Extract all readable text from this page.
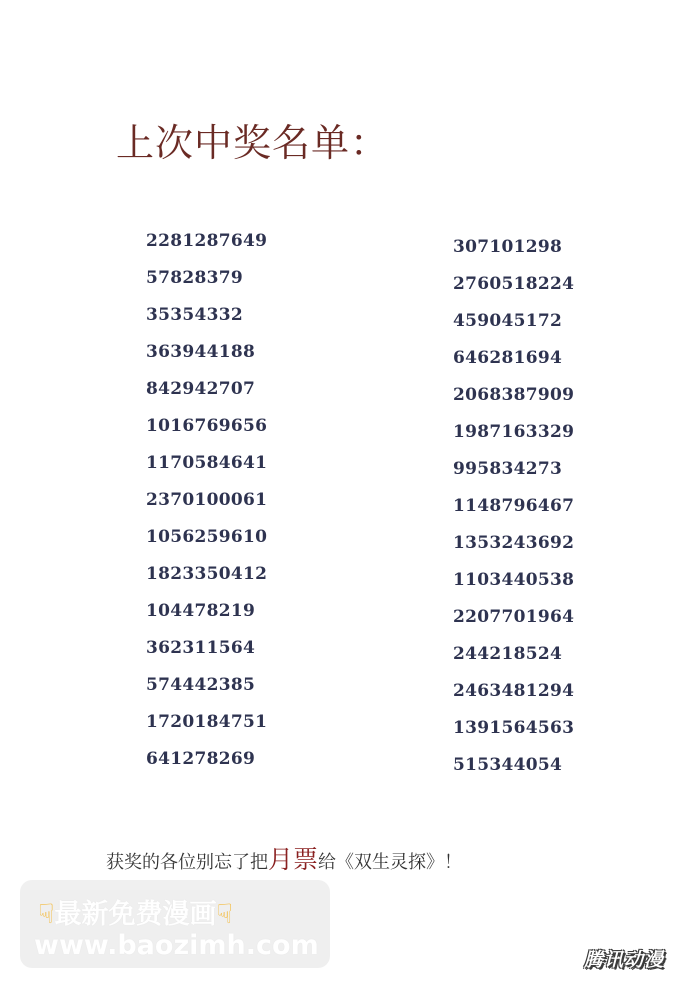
上次中奖名单：
2281287649
57828379
35354332
363944188
842942707
1016769656
1170584641
2370100061
1056259610
1823350412
104478219
362311564
574442385
1720184751
641278269
307101298
2760518224
459045172
646281694
2068387909
1987163329
995834273
1148796467
1353243692
1103440538
2207701964
244218524
2463481294
1391564563
515344054
获奖的各位别忘了把月票给《双生灵探》！
☟最新免费漫画☟
www.baozimh.com	腾讯动漫
